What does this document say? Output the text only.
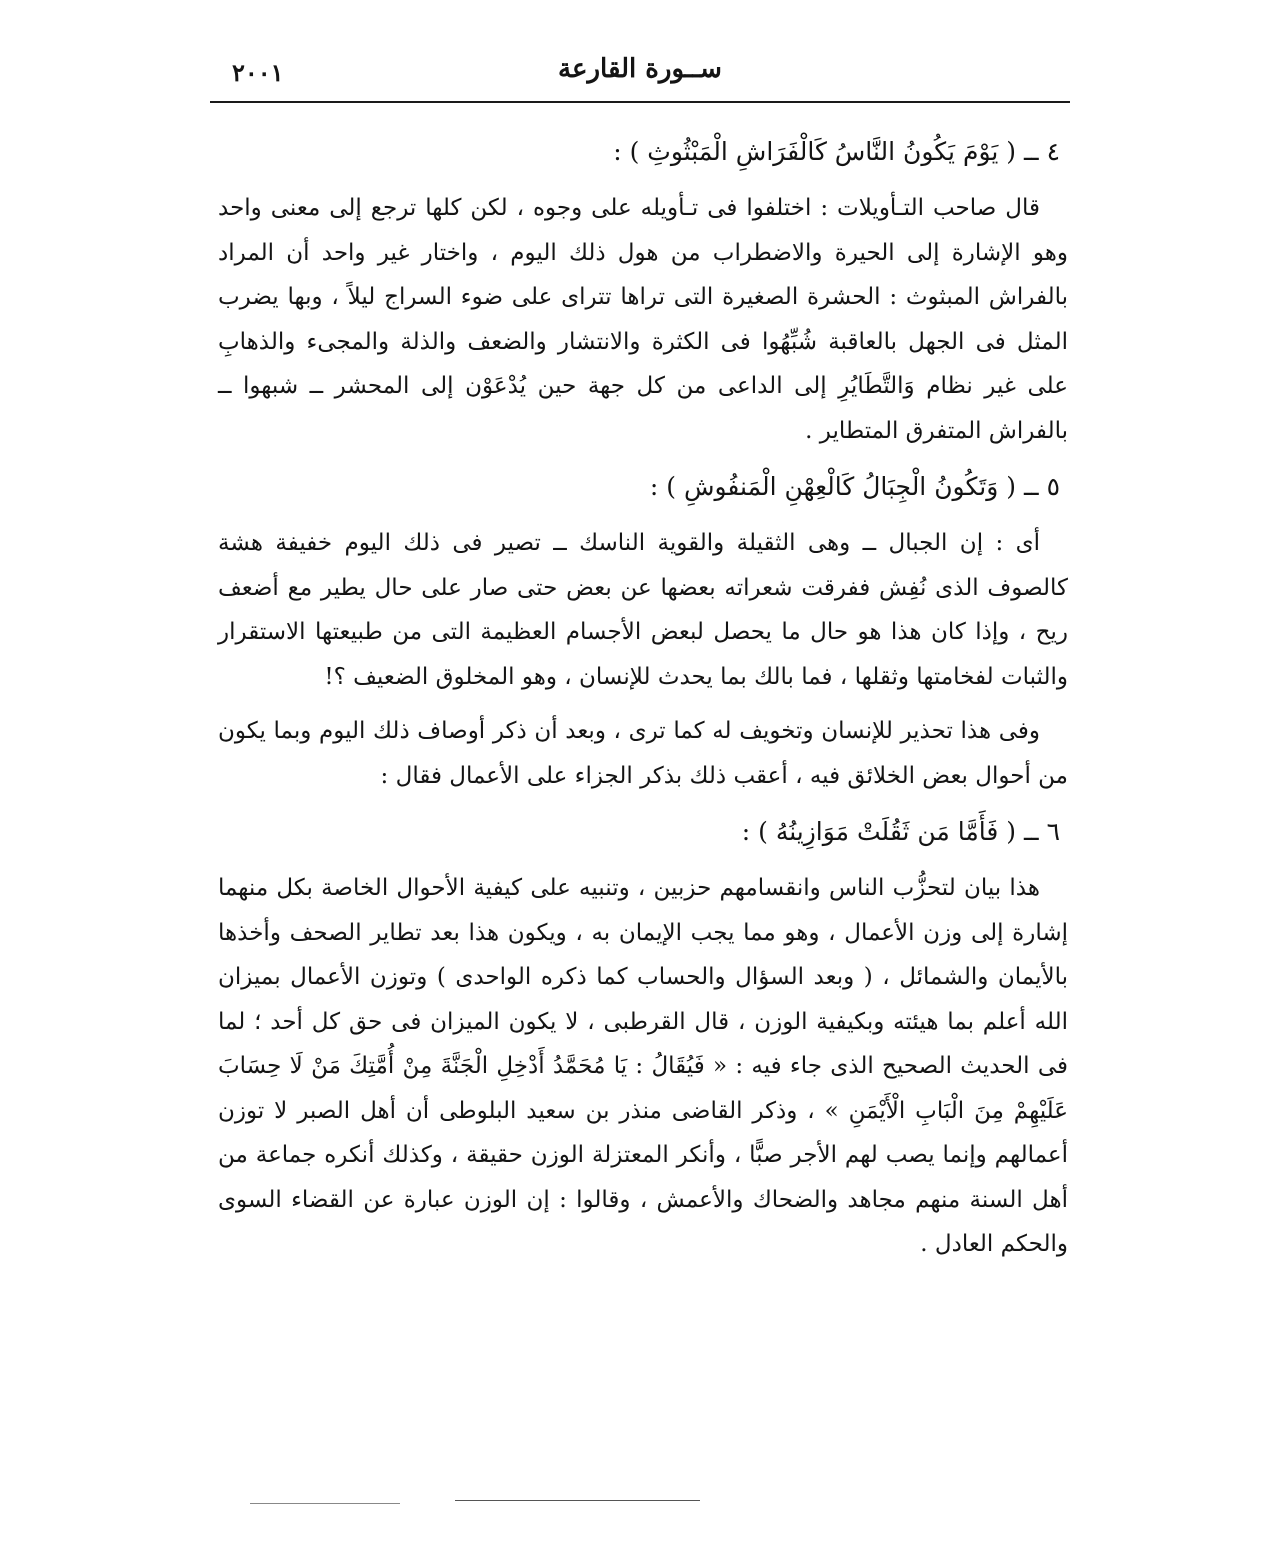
ســورة القارعة
٢٠٠١
٤ ــ ( يَوْمَ يَكُونُ النَّاسُ كَالْفَرَاشِ الْمَبْثُوثِ ) :

قال صاحب التـأويلات : اختلفوا فى تـأويله على وجوه ، لكن كلها ترجع إلى معنى واحد وهو الإشارة إلى الحيرة والاضطراب من هول ذلك اليوم ، واختار غير واحد أن المراد بالفراش المبثوث : الحشرة الصغيرة التى تراها تتراى على ضوء السراج ليلاً ، وبها يضرب المثل فى الجهل بالعاقبة شُبِّهُوا فى الكثرة والانتشار والضعف والذلة والمجىء والذهابِ على غير نظام وَالتَّطَايُرِ إلى الداعى من كل جهة حين يُدْعَوْن إلى المحشر ــ شبهوا ــ بالفراش المتفرق المتطاير .

٥ ــ ( وَتَكُونُ الْجِبَالُ كَالْعِهْنِ الْمَنفُوشِ ) :

أى : إن الجبال ــ وهى الثقيلة والقوية الناسك ــ تصير فى ذلك اليوم خفيفة هشة كالصوف الذى نُفِش ففرقت شعراته بعضها عن بعض حتى صار على حال يطير مع أضعف ريح ، وإذا كان هذا هو حال ما يحصل لبعض الأجسام العظيمة التى من طبيعتها الاستقرار والثبات لفخامتها وثقلها ، فما بالك بما يحدث للإنسان ، وهو المخلوق الضعيف ؟!

وفى هذا تحذير للإنسان وتخويف له كما ترى ، وبعد أن ذكر أوصاف ذلك اليوم وبما يكون من أحوال بعض الخلائق فيه ، أعقب ذلك بذكر الجزاء على الأعمال فقال :

٦ ــ ( فَأَمَّا مَن ثَقُلَتْ مَوَازِينُهُ ) :

هذا بيان لتحزُّب الناس وانقسامهم حزبين ، وتنبيه على كيفية الأحوال الخاصة بكل منهما إشارة إلى وزن الأعمال ، وهو مما يجب الإيمان به ، ويكون هذا بعد تطاير الصحف وأخذها بالأيمان والشمائل ، ( وبعد السؤال والحساب كما ذكره الواحدى ) وتوزن الأعمال بميزان الله أعلم بما هيئته وبكيفية الوزن ، قال القرطبى ، لا يكون الميزان فى حق كل أحد ؛ لما فى الحديث الصحيح الذى جاء فيه : « فَيُقَالُ : يَا مُحَمَّدُ أَدْخِلِ الْجَنَّةَ مِنْ أُمَّتِكَ مَنْ لَا حِسَابَ عَلَيْهِمْ مِنَ الْبَابِ الْأَيْمَنِ » ، وذكر القاضى منذر بن سعيد البلوطى أن أهل الصبر لا توزن أعمالهم وإنما يصب لهم الأجر صبًّا ، وأنكر المعتزلة الوزن حقيقة ، وكذلك أنكره جماعة من أهل السنة منهم مجاهد والضحاك والأعمش ، وقالوا : إن الوزن عبارة عن القضاء السوى والحكم العادل .
